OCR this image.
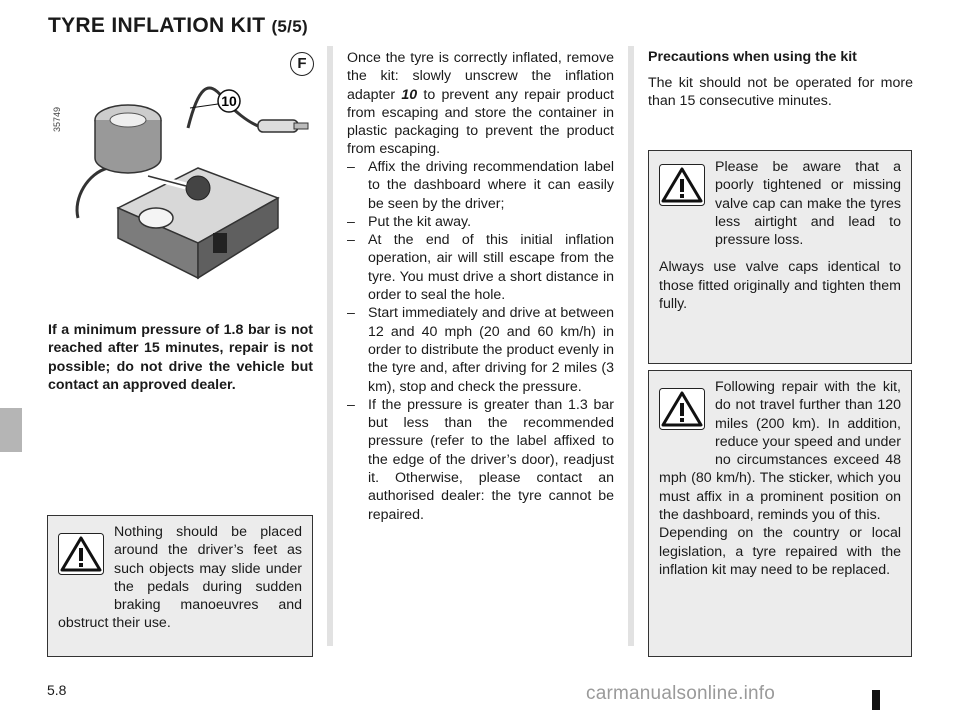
TYRE INFLATION KIT (5/5)
35749
F
10
If a minimum pressure of 1.8 bar is not reached after 15 minutes, repair is not possible; do not drive the vehicle but contact an approved dealer.
Nothing should be placed around the driver’s feet as such objects may slide under the pedals during sudden braking manoeuvres and obstruct their use.
Once the tyre is correctly inflated, remove the kit: slowly unscrew the inflation adapter 10 to prevent any repair product from escaping and store the container in plastic packaging to prevent the product from escaping.
– Affix the driving recommendation label to the dashboard where it can easily be seen by the driver;
– Put the kit away.
– At the end of this initial inflation operation, air will still escape from the tyre. You must drive a short distance in order to seal the hole.
– Start immediately and drive at between 12 and 40 mph (20 and 60 km/h) in order to distribute the product evenly in the tyre and, after driving for 2 miles (3 km), stop and check the pressure.
– If the pressure is greater than 1.3 bar but less than the recommended pressure (refer to the label affixed to the edge of the driver’s door), readjust it. Otherwise, please contact an authorised dealer: the tyre cannot be repaired.
Precautions when using the kit
The kit should not be operated for more than 15 consecutive minutes.
Please be aware that a poorly tightened or missing valve cap can make the tyres less airtight and lead to pressure loss.
Always use valve caps identical to those fitted originally and tighten them fully.
Following repair with the kit, do not travel further than 120 miles (200 km). In addition, reduce your speed and under no circumstances exceed 48 mph (80 km/h). The sticker, which you must affix in a prominent position on the dashboard, reminds you of this.
Depending on the country or local legislation, a tyre repaired with the inflation kit may need to be replaced.
5.8	carmanualsonline.info
